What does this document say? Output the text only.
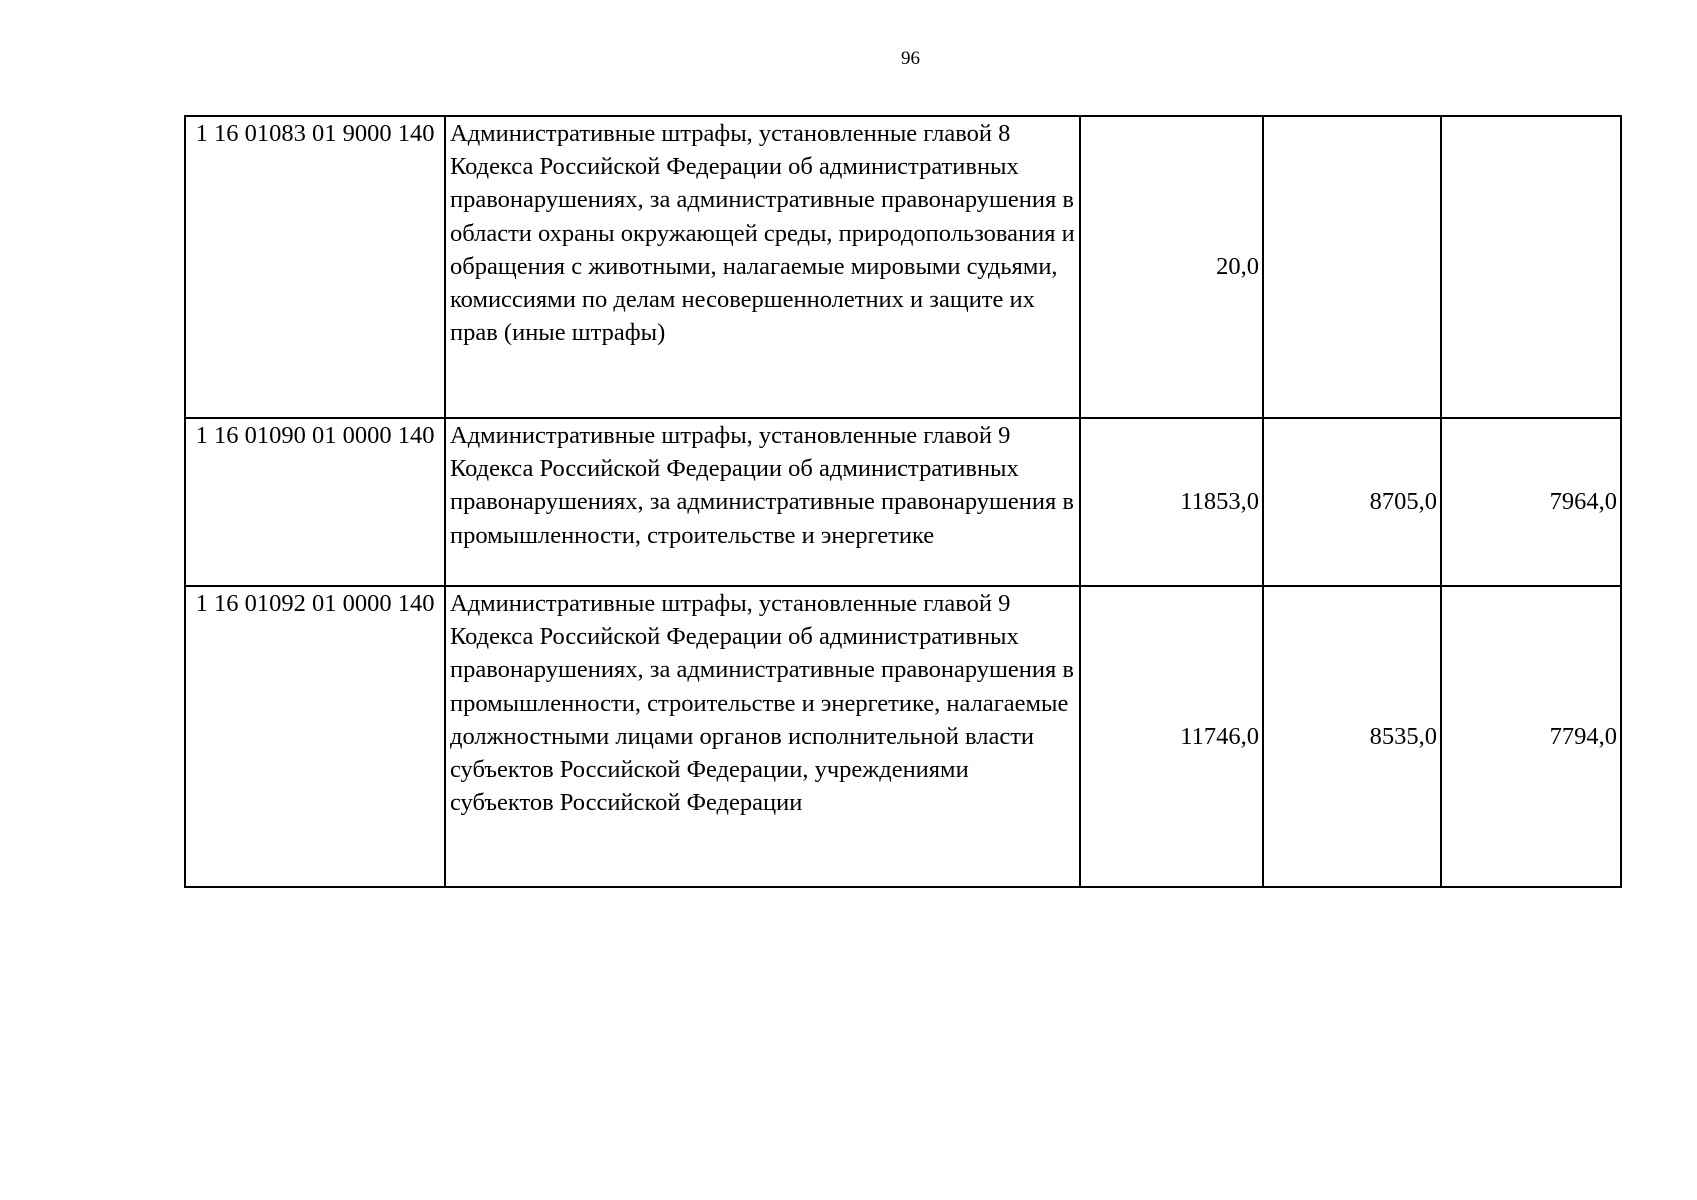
96
1 16 01083 01 9000 140	Административные штрафы, установленные главой 8 Кодекса Российской Федерации об административных правонарушениях, за административные правонарушения в области охраны окружающей среды, природопользования и обращения с животными, налагаемые мировыми судьями, комиссиями по делам несовершеннолетних и защите их прав (иные штрафы)	20,0		
1 16 01090 01 0000 140	Административные штрафы, установленные главой 9 Кодекса Российской Федерации об административных правонарушениях, за административные правонарушения в промышленности, строительстве и энергетике	11853,0	8705,0	7964,0
1 16 01092 01 0000 140	Административные штрафы, установленные главой 9 Кодекса Российской Федерации об административных правонарушениях, за административные правонарушения в промышленности, строительстве и энергетике, налагаемые должностными лицами органов исполнительной власти субъектов Российской Федерации, учреждениями субъектов Российской Федерации	11746,0	8535,0	7794,0
